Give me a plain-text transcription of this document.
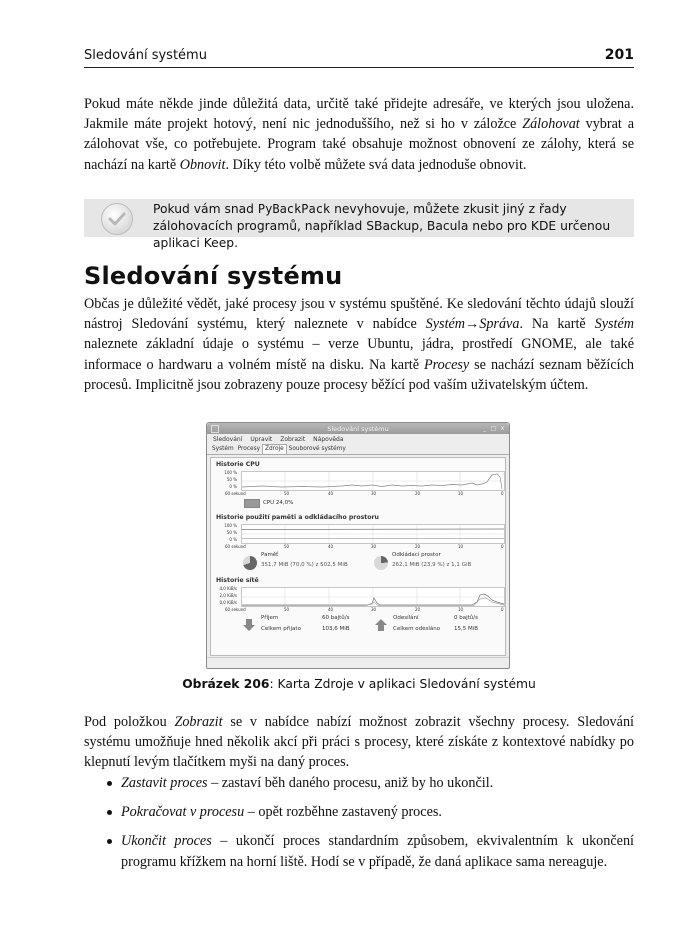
Sledování systému	201

Pokud máte někde jinde důležitá data, určitě také přidejte adresáře, ve kterých jsou uložena. Jakmile máte projekt hotový, není nic jednoduššího, než si ho v záložce Zálohovat vybrat a zálohovat vše, co potřebujete. Program také obsahuje možnost obnovení ze zálohy, která se nachází na kartě Obnovit. Díky této volbě můžete svá data jednoduše obnovit.

Pokud vám snad PyBackPack nevyhovuje, můžete zkusit jiný z řady zálohovacích programů, například SBackup, Bacula nebo pro KDE určenou aplikaci Keep.
Sledování systému

Občas je důležité vědět, jaké procesy jsou v systému spuštěné. Ke sledování těchto údajů slouží nástroj Sledování systému, který naleznete v nabídce Systém→Správa. Na kartě Systém naleznete základní údaje o systému – verze Ubuntu, jádra, prostředí GNOME, ale také informace o hardwaru a volném místě na disku. Na kartě Procesy se nachází seznam běžících procesů. Implicitně jsou zobrazeny pouze procesy běžící pod vaším uživatelským účtem.

Sledování systému	_ □ x
Sledování Upravit Zobrazit Nápověda
Systém Procesy Zdroje Souborové systémy
Historie CPU
100 %
50 %
0 %
60 sekund	50	40	30	20	10	0
CPU 24,0%
Historie použití paměti a odkládacího prostoru
100 %
50 %
0 %
60 sekund	50	40	30	20	10	0
Paměť
351,7 MiB (70,0 %) z 502,5 MiB
Odkládací prostor
262,1 MiB (23,9 %) z 1,1 GiB
Historie sítě
4,0 KiB/s
2,0 KiB/s
0,0 KiB/s
60 sekund	50	40	30	20	10	0
Příjem	60 bajtů/s
Celkem přijato	103,6 MiB
Odesílání	0 bajtů/s
Celkem odesláno	15,5 MiB
Obrázek 206: Karta Zdroje v aplikaci Sledování systému

Pod položkou Zobrazit se v nabídce nabízí možnost zobrazit všechny procesy. Sledování systému umožňuje hned několik akcí při práci s procesy, které získáte z kontextové nabídky po klepnutí levým tlačítkem myši na daný proces.

Zastavit proces – zastaví běh daného procesu, aniž by ho ukončil.
Pokračovat v procesu – opět rozběhne zastavený proces.
Ukončit proces – ukončí proces standardním způsobem, ekvivalentním k ukončení programu křížkem na horní liště. Hodí se v případě, že daná aplikace sama nereaguje.
